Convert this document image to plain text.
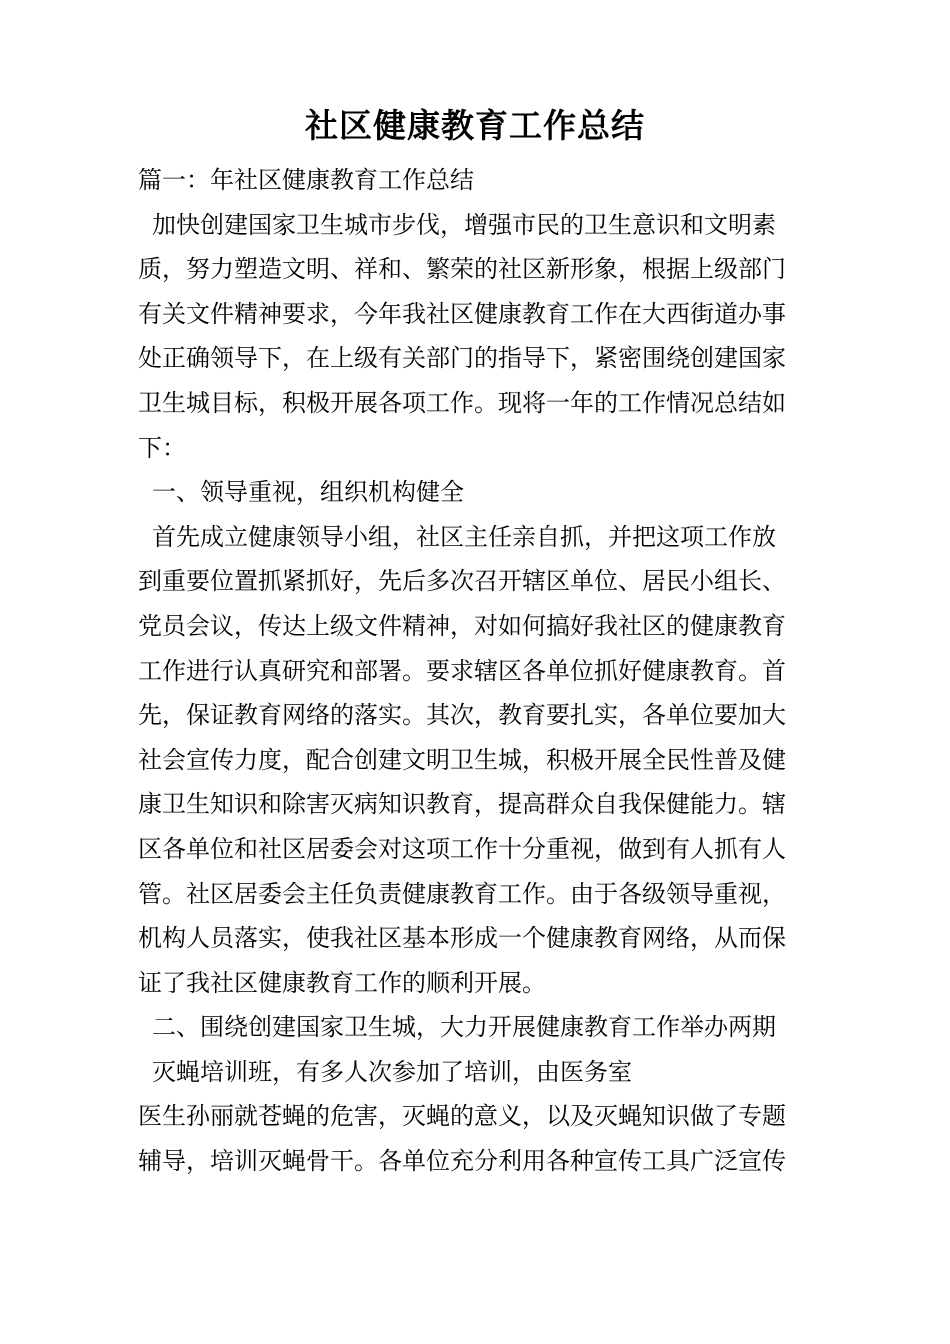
社区健康教育工作总结
篇一：年社区健康教育工作总结
加快创建国家卫生城市步伐，增强市民的卫生意识和文明素
质，努力塑造文明、祥和、繁荣的社区新形象，根据上级部门
有关文件精神要求，今年我社区健康教育工作在大西街道办事
处正确领导下，在上级有关部门的指导下，紧密围绕创建国家
卫生城目标，积极开展各项工作。现将一年的工作情况总结如
下：
一、领导重视，组织机构健全
首先成立健康领导小组，社区主任亲自抓，并把这项工作放
到重要位置抓紧抓好，先后多次召开辖区单位、居民小组长、
党员会议，传达上级文件精神，对如何搞好我社区的健康教育
工作进行认真研究和部署。要求辖区各单位抓好健康教育。首
先，保证教育网络的落实。其次，教育要扎实，各单位要加大
社会宣传力度，配合创建文明卫生城，积极开展全民性普及健
康卫生知识和除害灭病知识教育，提高群众自我保健能力。辖
区各单位和社区居委会对这项工作十分重视，做到有人抓有人
管。社区居委会主任负责健康教育工作。由于各级领导重视，
机构人员落实，使我社区基本形成一个健康教育网络，从而保
证了我社区健康教育工作的顺利开展。
二、围绕创建国家卫生城，大力开展健康教育工作举办两期
灭蝇培训班，有多人次参加了培训，由医务室
医生孙丽就苍蝇的危害，灭蝇的意义，以及灭蝇知识做了专题
辅导，培训灭蝇骨干。各单位充分利用各种宣传工具广泛宣传
